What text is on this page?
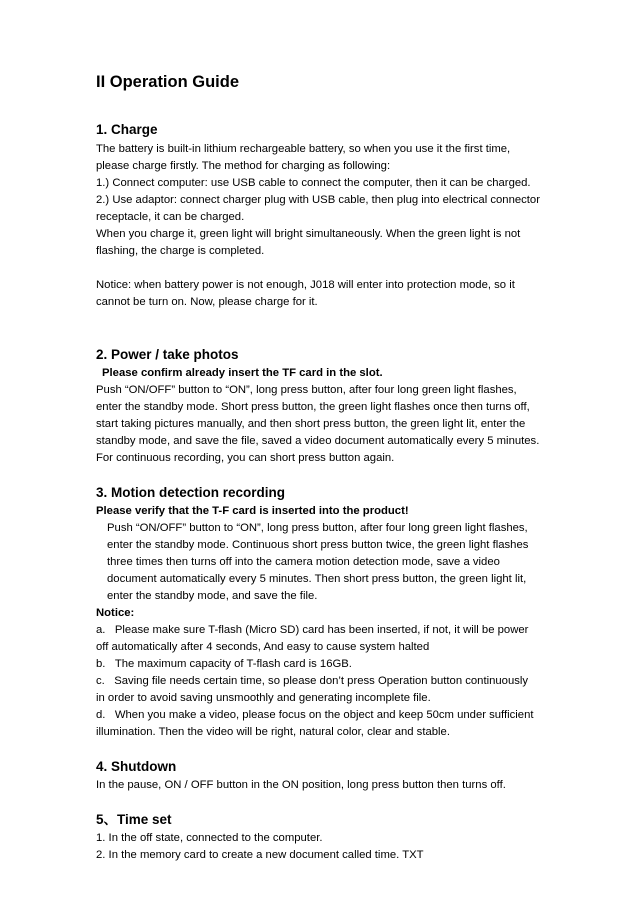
II Operation Guide
1. Charge

The battery is built-in lithium rechargeable battery, so when you use it the first time,

please charge firstly. The method for charging as following:

1.) Connect computer: use USB cable to connect the computer, then it can be charged.

2.) Use adaptor: connect charger plug with USB cable, then plug into electrical connector

receptacle, it can be charged.

When you charge it, green light will bright simultaneously. When the green light is not

flashing, the charge is completed.

Notice: when battery power is not enough, J018 will enter into protection mode, so it

cannot be turn on. Now, please charge for it.

2. Power / take photos

Please confirm already insert the TF card in the slot.

Push “ON/OFF” button to “ON”, long press button, after four long green light flashes,

enter the standby mode. Short press button, the green light flashes once then turns off,

start taking pictures manually, and then short press button, the green light lit, enter the

standby mode, and save the file, saved a video document automatically every 5 minutes.

For continuous recording, you can short press button again.

3. Motion detection recording

Please verify that the T-F card is inserted into the product!

Push “ON/OFF” button to “ON”, long press button, after four long green light flashes,

enter the standby mode. Continuous short press button twice, the green light flashes

three times then turns off into the camera motion detection mode, save a video

document automatically every 5 minutes. Then short press button, the green light lit,

enter the standby mode, and save the file.

Notice:

a.   Please make sure T-flash (Micro SD) card has been inserted, if not, it will be power

off automatically after 4 seconds, And easy to cause system halted

b.   The maximum capacity of T-flash card is 16GB.

c.   Saving file needs certain time, so please don’t press Operation button continuously

in order to avoid saving unsmoothly and generating incomplete file.

d.   When you make a video, please focus on the object and keep 50cm under sufficient

illumination. Then the video will be right, natural color, clear and stable.

4. Shutdown

In the pause, ON / OFF button in the ON position, long press button then turns off.

5、Time set

1. In the off state, connected to the computer.

2. In the memory card to create a new document called time. TXT
